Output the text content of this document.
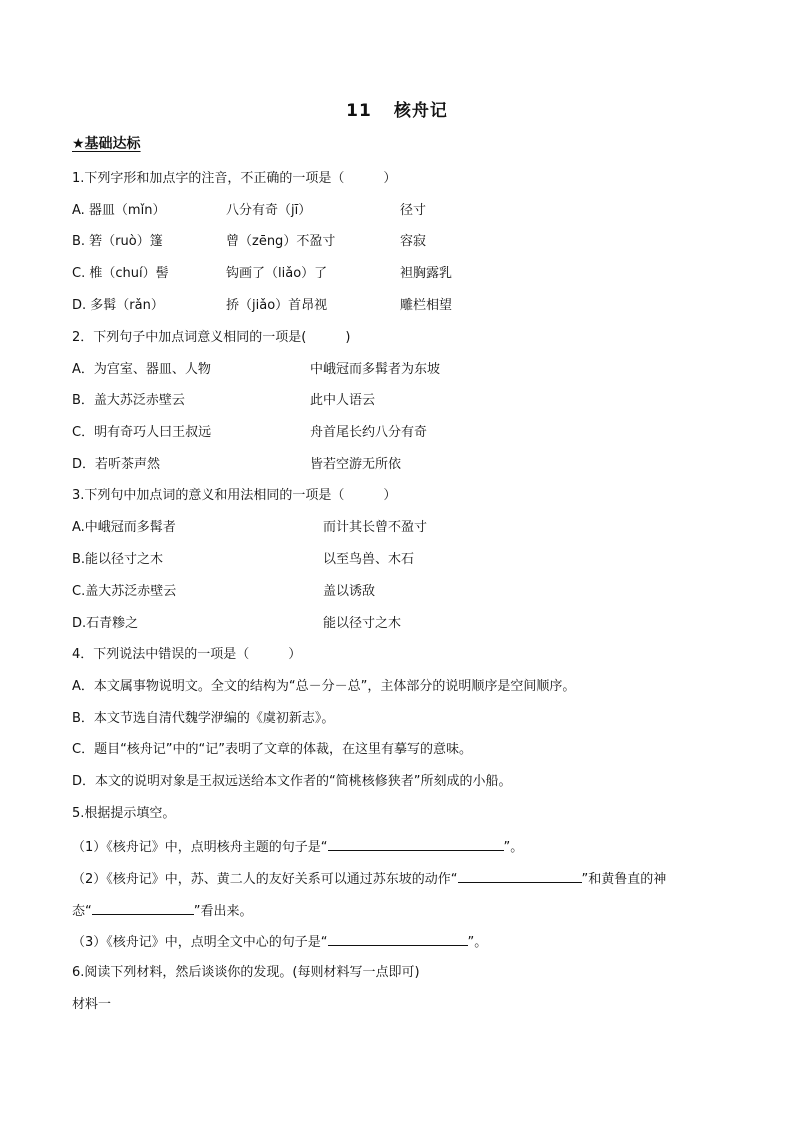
11 核舟记
★基础达标
1.下列字形和加点字的注音，不正确的一项是（　　　）
A. 器皿（mǐn）	八分有奇（jī）	径寸
B. 箬（ruò）篷	曾（zēng）不盈寸	容寂
C. 椎（chuí）髻	钩画了（liǎo）了	袒胸露乳
D. 多髯（rǎn）	挢（jiǎo）首昂视	雕栏相望
2．下列句子中加点词意义相同的一项是(　　　)
A．为宫室、器皿、人物	中峨冠而多髯者为东坡
B．盖大苏泛赤壁云	此中人语云
C．明有奇巧人曰王叔远	舟首尾长约八分有奇
D．若听茶声然	皆若空游无所依
3.下列句中加点词的意义和用法相同的一项是（　　　）
A.中峨冠而多髯者	而计其长曾不盈寸
B.能以径寸之木	以至鸟兽、木石
C.盖大苏泛赤壁云	盖以诱敌
D.石青糁之	能以径寸之木
4．下列说法中错误的一项是（　　　）
A．本文属事物说明文。全文的结构为“总－分－总”，主体部分的说明顺序是空间顺序。
B．本文节选自清代魏学洢编的《虞初新志》。
C．题目“核舟记”中的“记”表明了文章的体裁，在这里有摹写的意味。
D．本文的说明对象是王叔远送给本文作者的“简桃核修狭者”所刻成的小船。
5.根据提示填空。
（1）《核舟记》中，点明核舟主题的句子是“	”。
（2）《核舟记》中，苏、黄二人的友好关系可以通过苏东坡的动作“	”和黄鲁直的神
态“	”看出来。
（3）《核舟记》中，点明全文中心的句子是“	”。
6.阅读下列材料，然后谈谈你的发现。(每则材料写一点即可)
材料一
